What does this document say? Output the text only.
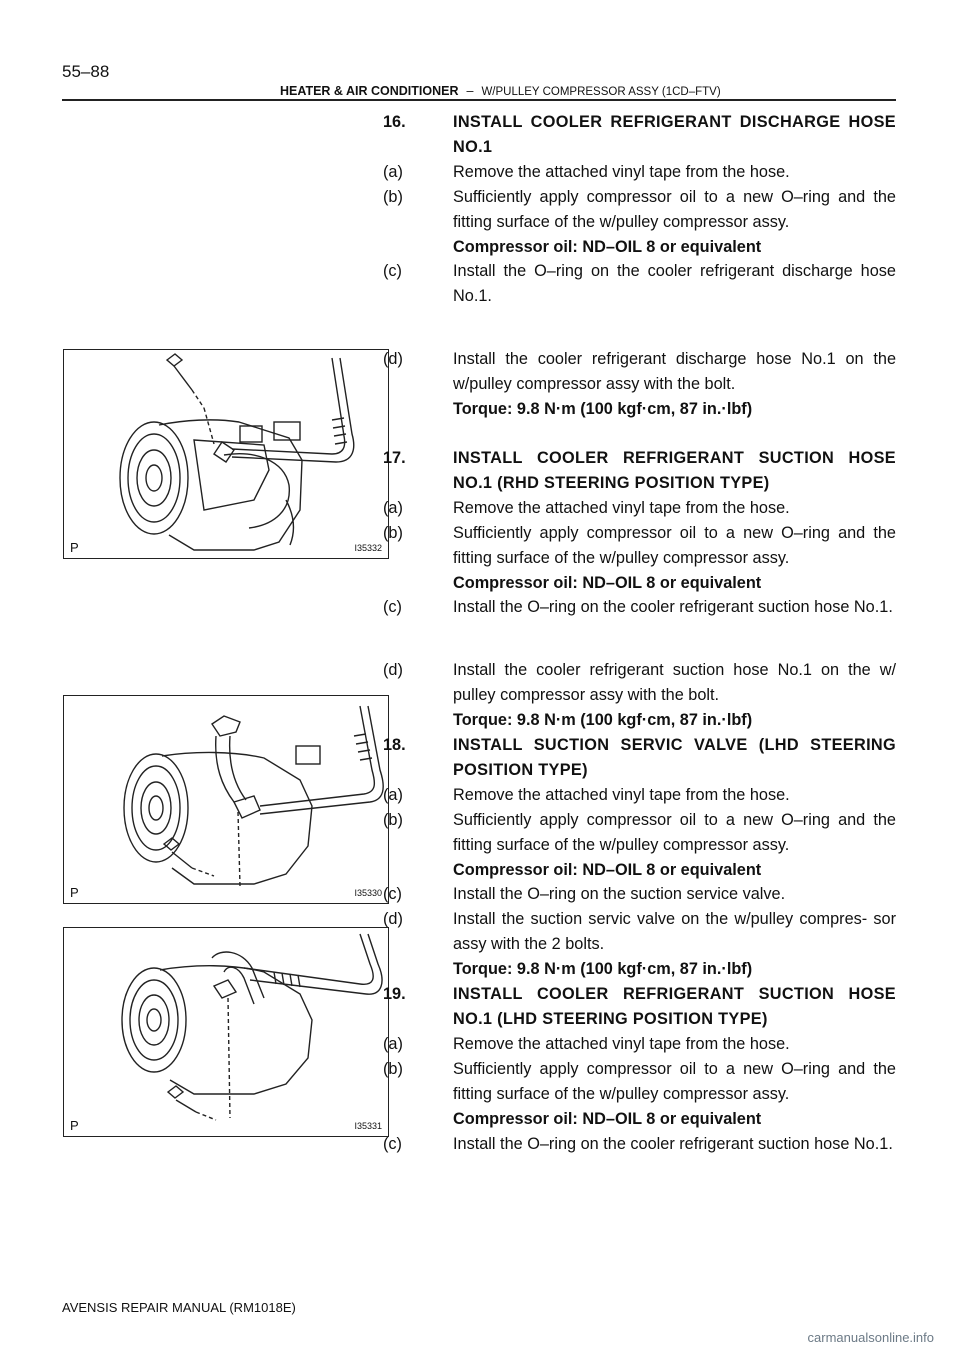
55–88
HEATER & AIR CONDITIONER – W/PULLEY COMPRESSOR ASSY (1CD–FTV)
P	I35332
P	I35330
P	I35331
16.	INSTALL COOLER REFRIGERANT DISCHARGE HOSE NO.1
(a)	Remove the attached vinyl tape from the hose.
(b)	Sufficiently apply compressor oil to a new O–ring and the fitting surface of the w/pulley compressor assy.
Compressor oil: ND–OIL 8 or equivalent
(c)	Install the O–ring on the cooler refrigerant discharge hose No.1.
(d)	Install the cooler refrigerant discharge hose No.1 on the w/pulley compressor assy with the bolt.
Torque: 9.8 N·m (100 kgf·cm, 87 in.·lbf)
17.	INSTALL COOLER REFRIGERANT SUCTION HOSE NO.1 (RHD STEERING POSITION TYPE)
(a)	Remove the attached vinyl tape from the hose.
(b)	Sufficiently apply compressor oil to a new O–ring and the fitting surface of the w/pulley compressor assy.
Compressor oil: ND–OIL 8 or equivalent
(c)	Install the O–ring on the cooler refrigerant suction hose No.1.
(d)	Install the cooler refrigerant suction hose No.1 on the w/ pulley compressor assy with the bolt.
Torque: 9.8 N·m (100 kgf·cm, 87 in.·lbf)
18.	INSTALL SUCTION SERVIC VALVE (LHD STEERING POSITION TYPE)
(a)	Remove the attached vinyl tape from the hose.
(b)	Sufficiently apply compressor oil to a new O–ring and the fitting surface of the w/pulley compressor assy.
Compressor oil: ND–OIL 8 or equivalent
(c)	Install the O–ring on the suction service valve.
(d)	Install the suction servic valve on the w/pulley compres- sor assy with the 2 bolts.
Torque: 9.8 N·m (100 kgf·cm, 87 in.·lbf)
19.	INSTALL COOLER REFRIGERANT SUCTION HOSE NO.1 (LHD STEERING POSITION TYPE)
(a)	Remove the attached vinyl tape from the hose.
(b)	Sufficiently apply compressor oil to a new O–ring and the fitting surface of the w/pulley compressor assy.
Compressor oil: ND–OIL 8 or equivalent
(c)	Install the O–ring on the cooler refrigerant suction hose No.1.
AVENSIS REPAIR MANUAL (RM1018E)
carmanualsonline.info
